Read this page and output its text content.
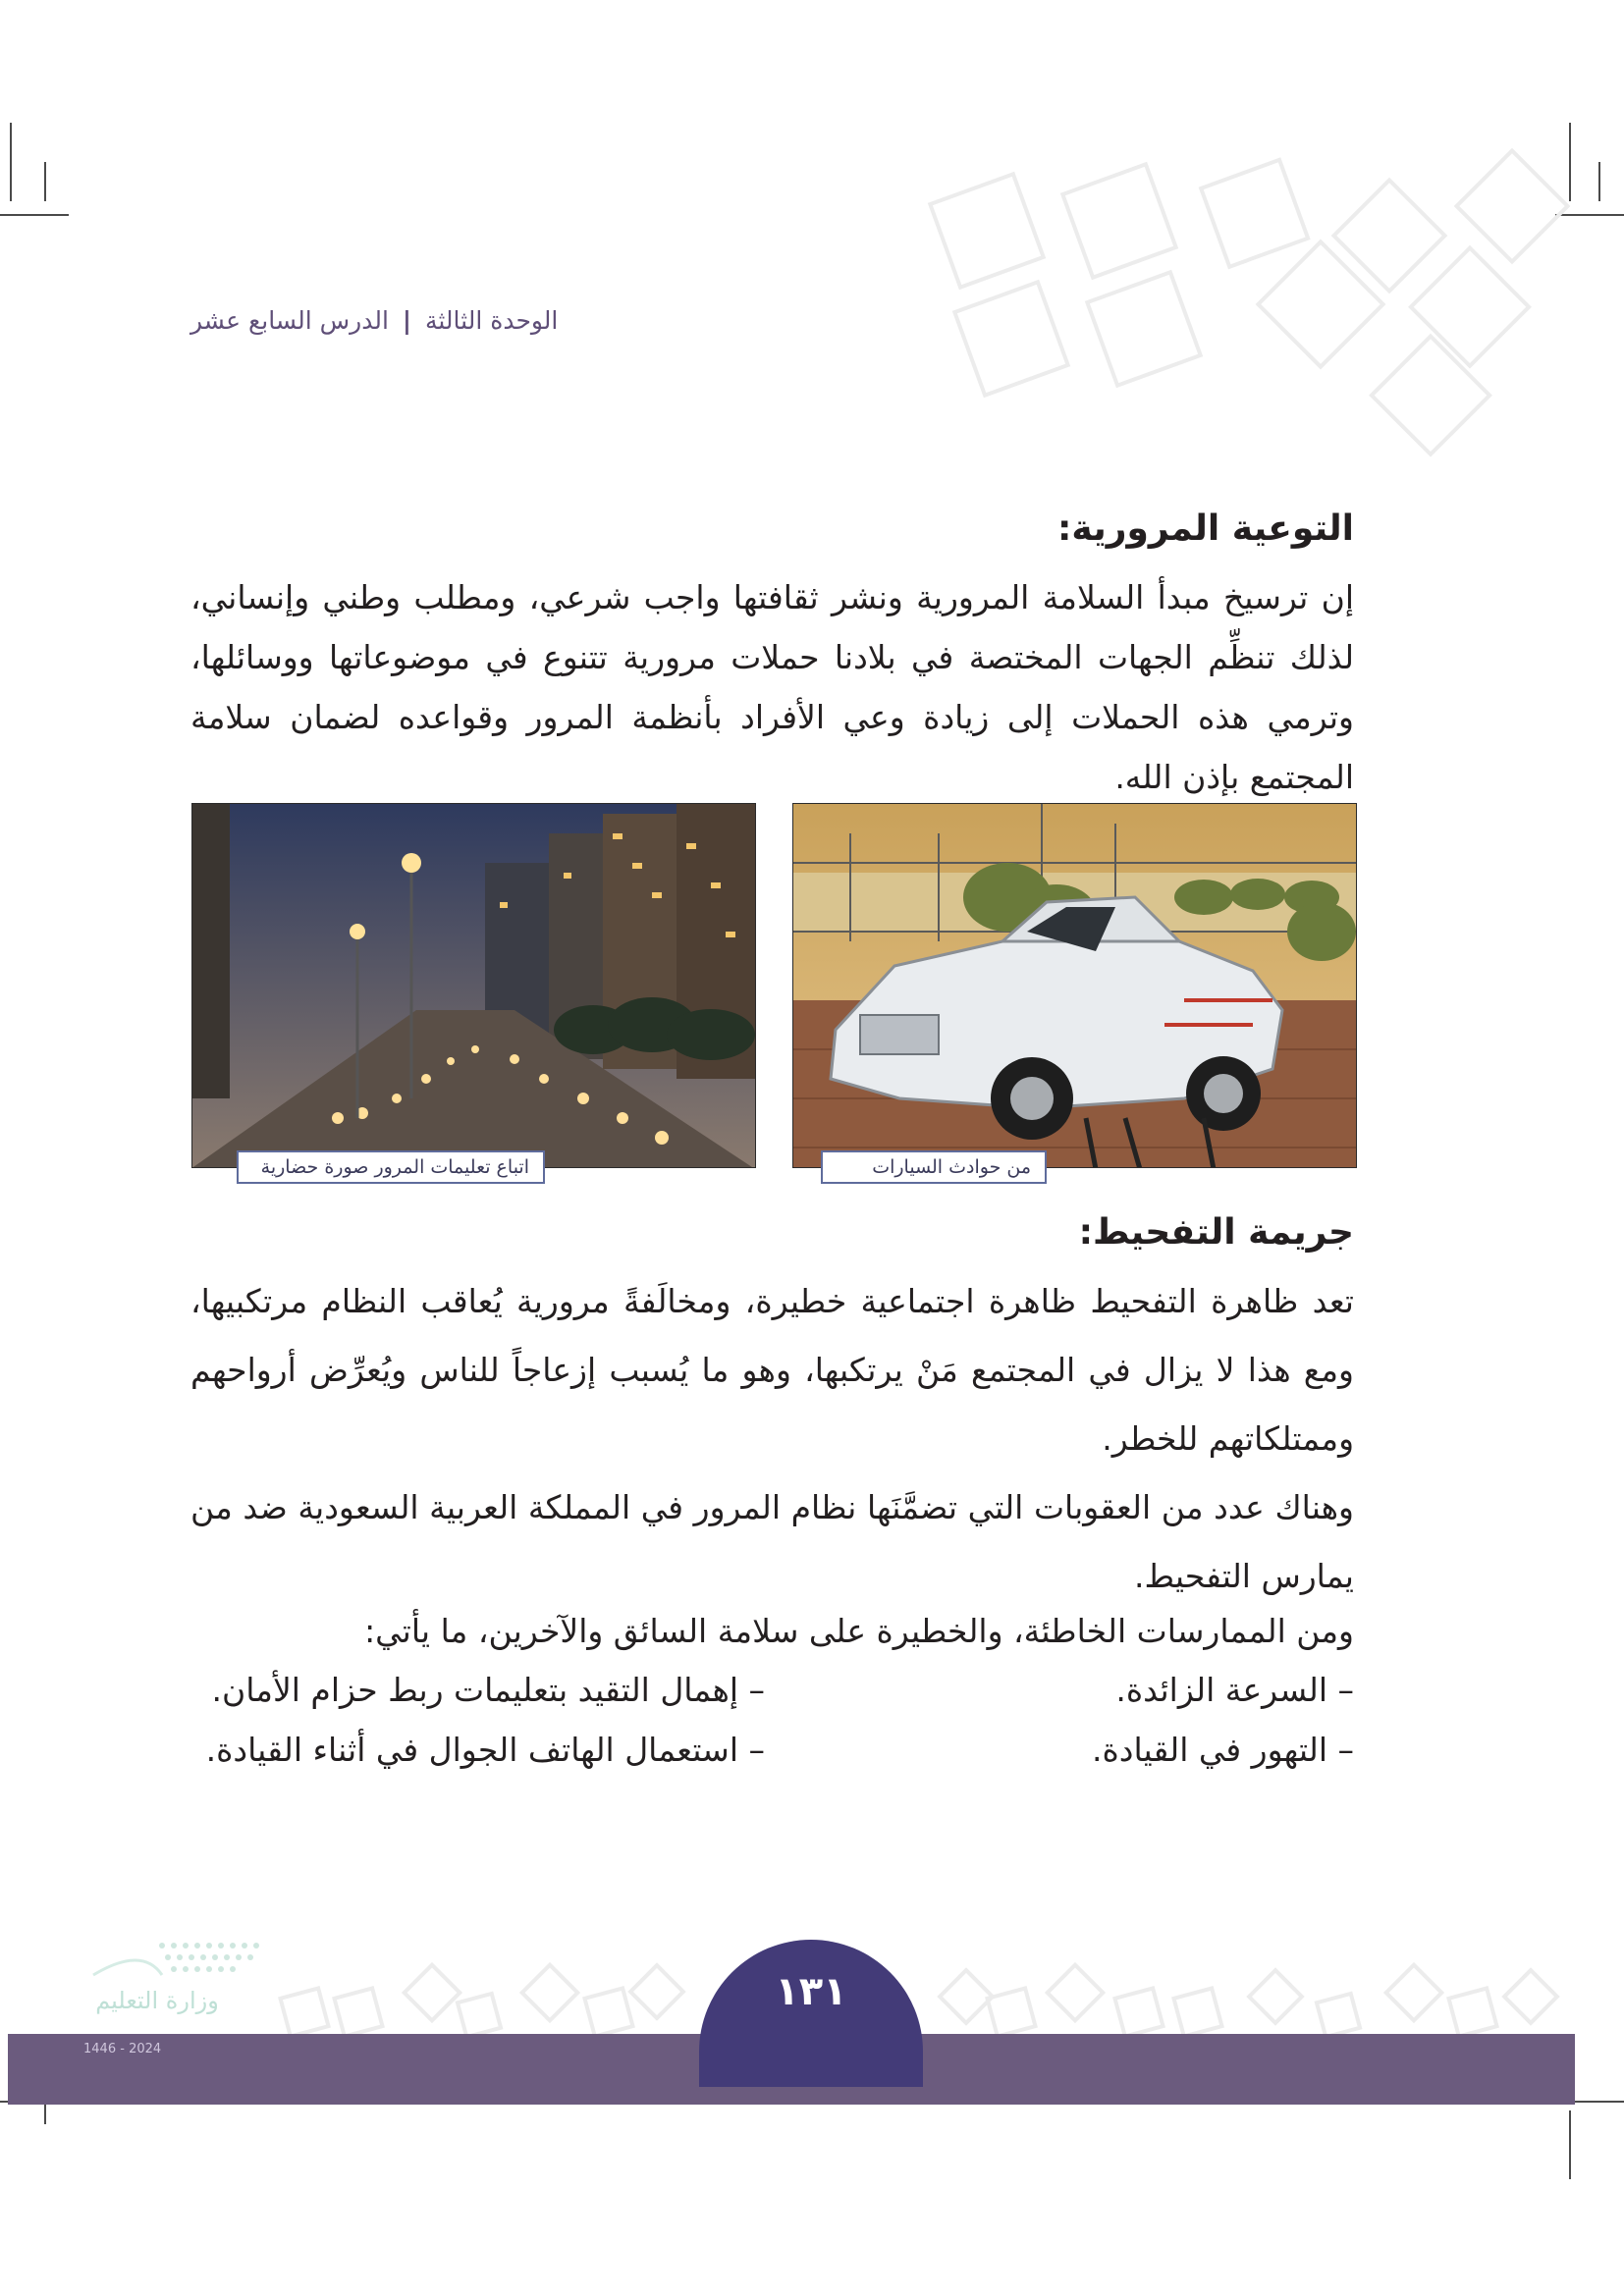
الوحدة الثالثة | الدرس السابع عشر
التوعية المرورية:
إن ترسيخ مبدأ السلامة المرورية ونشر ثقافتها واجب شرعي، ومطلب وطني وإنساني، لذلك تنظِّم الجهات المختصة في بلادنا حملات مرورية تتنوع في موضوعاتها ووسائلها، وترمي هذه الحملات إلى زيادة وعي الأفراد بأنظمة المرور وقواعده لضمان سلامة المجتمع بإذن الله.
من حوادث السيارات
اتباع تعليمات المرور صورة حضارية
جريمة التفحيط:
تعد ظاهرة التفحيط ظاهرة اجتماعية خطيرة، ومخالَفةً مرورية يُعاقب النظام مرتكبيها، ومع هذا لا يزال في المجتمع مَنْ يرتكبها، وهو ما يُسبب إزعاجاً للناس ويُعرِّض أرواحهم وممتلكاتهم للخطر.
وهناك عدد من العقوبات التي تضمَّنَها نظام المرور في المملكة العربية السعودية ضد من يمارس التفحيط.
ومن الممارسات الخاطئة، والخطيرة على سلامة السائق والآخرين، ما يأتي:
– السرعة الزائدة.
– إهمال التقيد بتعليمات ربط حزام الأمان.
– التهور في القيادة.
– استعمال الهاتف الجوال في أثناء القيادة.
١٣١
وزارة التعليم
2024 - 1446
